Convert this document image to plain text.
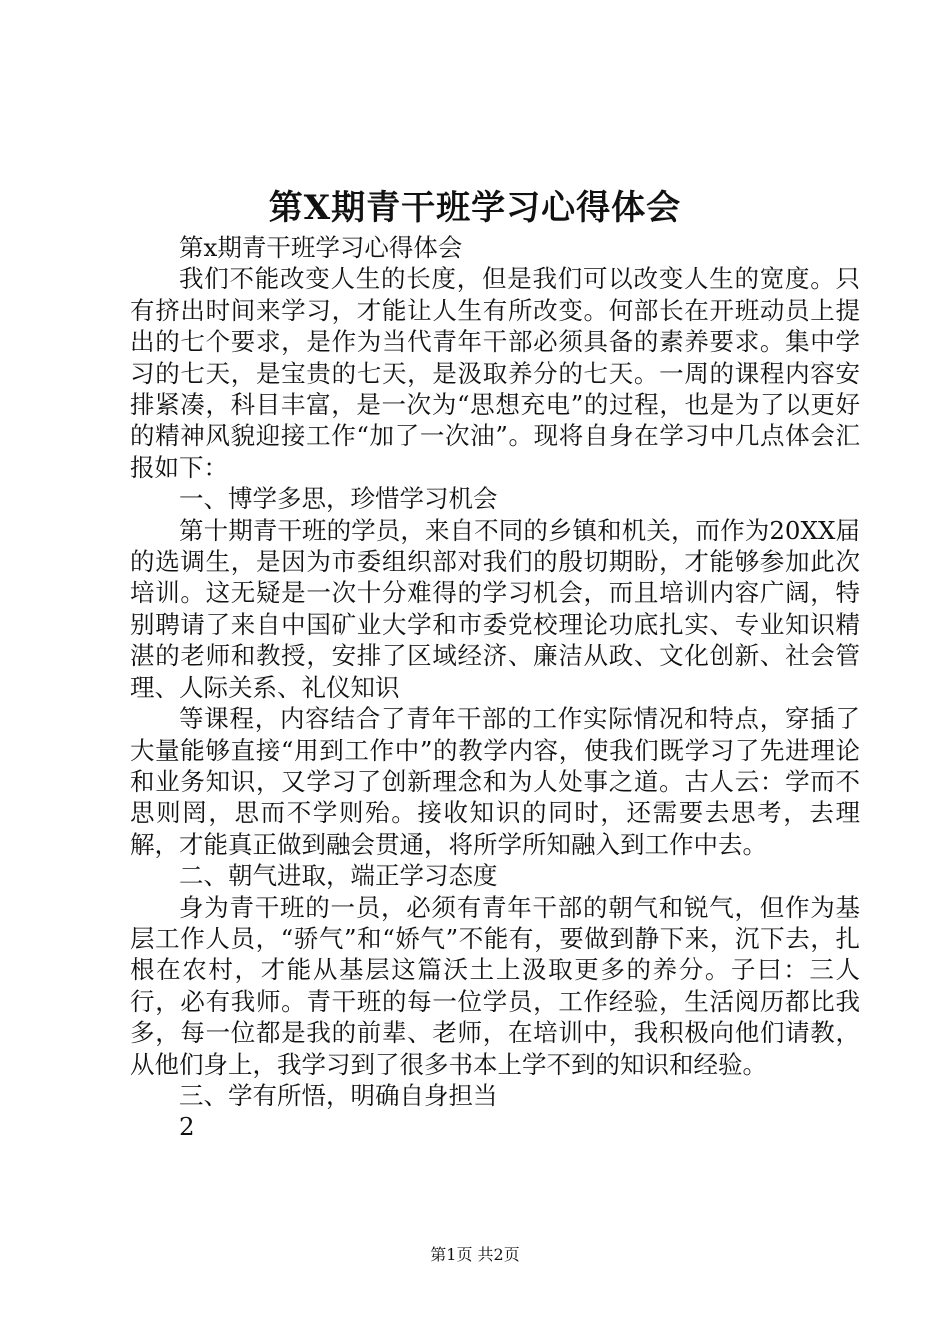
第X期青干班学习心得体会

第x期青干班学习心得体会

我们不能改变人生的长度，但是我们可以改变人生的宽度。只有挤出时间来学习，才能让人生有所改变。何部长在开班动员上提出的七个要求，是作为当代青年干部必须具备的素养要求。集中学习的七天，是宝贵的七天，是汲取养分的七天。一周的课程内容安排紧凑，科目丰富，是一次为“思想充电”的过程，也是为了以更好的精神风貌迎接工作“加了一次油”。现将自身在学习中几点体会汇报如下：

一、博学多思，珍惜学习机会

第十期青干班的学员，来自不同的乡镇和机关，而作为20XX届的选调生，是因为市委组织部对我们的殷切期盼，才能够参加此次培训。这无疑是一次十分难得的学习机会，而且培训内容广阔，特别聘请了来自中国矿业大学和市委党校理论功底扎实、专业知识精湛的老师和教授，安排了区域经济、廉洁从政、文化创新、社会管理、人际关系、礼仪知识

等课程，内容结合了青年干部的工作实际情况和特点，穿插了大量能够直接“用到工作中”的教学内容，使我们既学习了先进理论和业务知识，又学习了创新理念和为人处事之道。古人云：学而不思则罔，思而不学则殆。接收知识的同时，还需要去思考，去理解，才能真正做到融会贯通，将所学所知融入到工作中去。

二、朝气进取，端正学习态度

身为青干班的一员，必须有青年干部的朝气和锐气，但作为基层工作人员，“骄气”和“娇气”不能有，要做到静下来，沉下去，扎根在农村，才能从基层这篇沃土上汲取更多的养分。子曰：三人行，必有我师。青干班的每一位学员，工作经验，生活阅历都比我多，每一位都是我的前辈、老师，在培训中，我积极向他们请教，从他们身上，我学习到了很多书本上学不到的知识和经验。

三、学有所悟，明确自身担当

2

第1页 共2页
